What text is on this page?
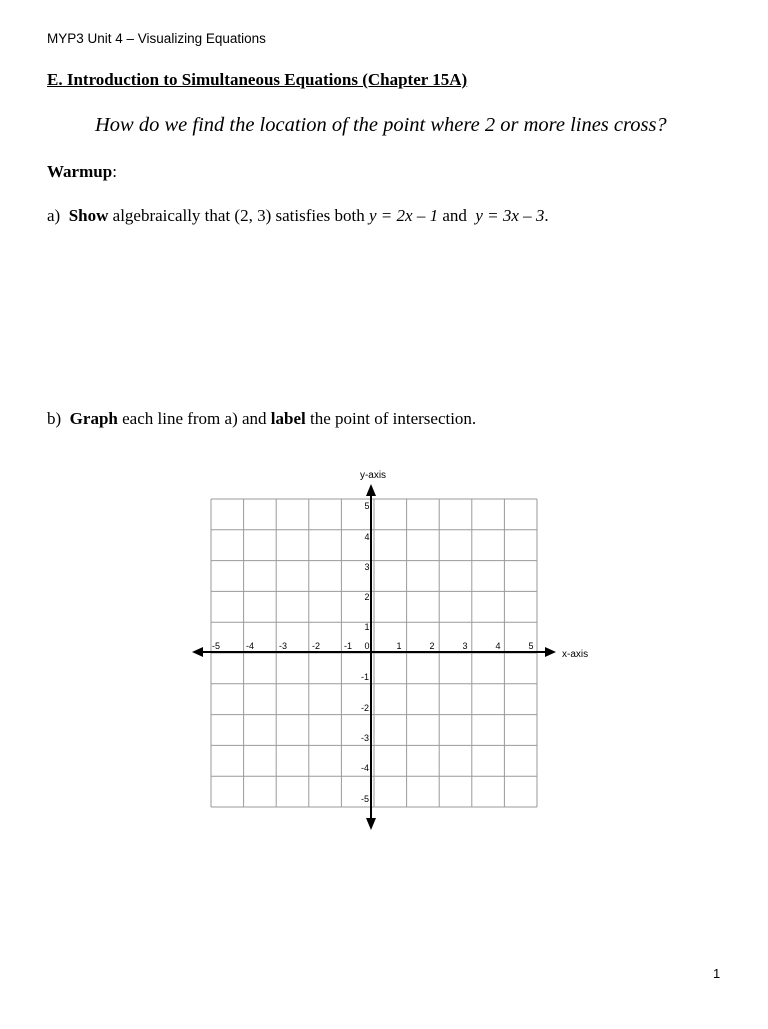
MYP3 Unit 4 – Visualizing Equations
E. Introduction to Simultaneous Equations (Chapter 15A)
How do we find the location of the point where 2 or more lines cross?
Warmup:
a) Show algebraically that (2, 3) satisfies both y = 2x – 1 and  y = 3x – 3.
b) Graph each line from a) and label the point of intersection.
y-axis
x-axis
-5	-4	-3	-2	-1	1	2	3	4	5
0
5
4
3
2
1
-1
-2
-3
-4
-5
1
